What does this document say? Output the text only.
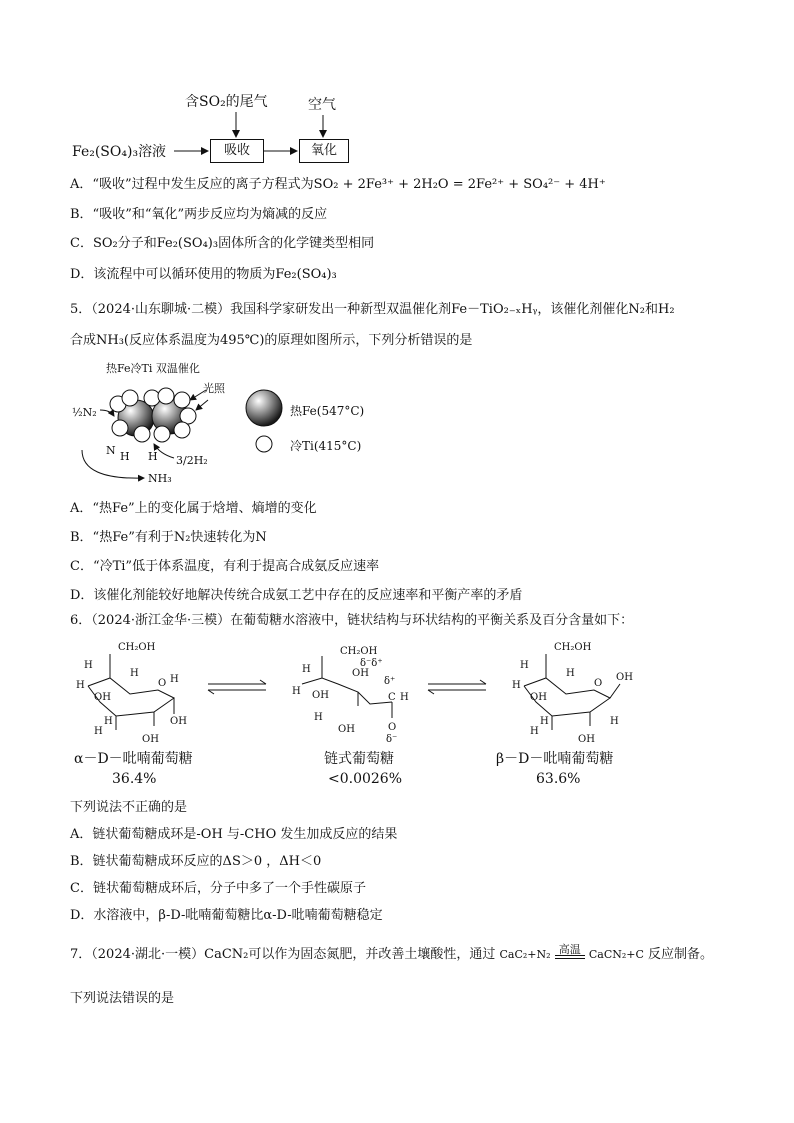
含SO₂的尾气	空气
Fe₂(SO₄)₃溶液	吸收	氧化
A．“吸收”过程中发生反应的离子方程式为SO₂ + 2Fe³⁺ + 2H₂O = 2Fe²⁺ + SO₄²⁻ + 4H⁺
B．“吸收”和“氧化”两步反应均为熵减的反应
C．SO₂分子和Fe₂(SO₄)₃固体所含的化学键类型相同
D．该流程中可以循环使用的物质为Fe₂(SO₄)₃
5．（2024·山东聊城·二模）我国科学家研发出一种新型双温催化剂Fe－TiO₂₋ₓHᵧ，该催化剂催化N₂和H₂
合成NH₃(反应体系温度为495℃)的原理如图所示，下列分析错误的是
热Fe冷Ti 双温催化
光照
½N₂
3/2H₂
N H H
NH₃
热Fe(547°C)
冷Ti(415°C)
A．“热Fe”上的变化属于焓增、熵增的变化
B．“热Fe”有利于N₂快速转化为N
C．“冷Ti”低于体系温度，有利于提高合成氨反应速率
D．该催化剂能较好地解决传统合成氨工艺中存在的反应速率和平衡产率的矛盾
6．（2024·浙江金华·三模）在葡萄糖水溶液中，链状结构与环状结构的平衡关系及百分含量如下：
CH₂OH
O
H
H
OH
H
H
OH
OH
H
H
CH₂OH
δ⁻δ⁺
OH
H
H OH
H
OH
δ⁺
C H
O
δ⁻
CH₂OH
O
H
H
OH
H
H
OH
OH
H
H
α－D－吡喃葡萄糖
36.4%
链式葡萄糖
<0.0026%
β－D－吡喃葡萄糖
63.6%
下列说法不正确的是
A．链状葡萄糖成环是-OH 与-CHO 发生加成反应的结果
B．链状葡萄糖成环反应的ΔS＞0 ，ΔH＜0
C．链状葡萄糖成环后，分子中多了一个手性碳原子
D．水溶液中，β-D-吡喃葡萄糖比α-D-吡喃葡萄糖稳定
7．（2024·湖北·一模）CaCN₂可以作为固态氮肥，并改善土壤酸性，通过 CaC₂+N₂ 高温 CaCN₂+C 反应制备。
下列说法错误的是
